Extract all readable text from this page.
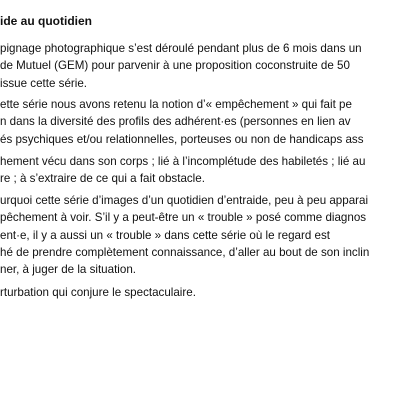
ide au quotidien

pignage photographique s’est déroulé pendant plus de 6 mois dans un
de Mutuel (GEM) pour parvenir à une proposition coconstruite de 50
issue cette série.

ette série nous avons retenu la notion d’« empêchement » qui fait pe
n dans la diversité des profils des adhérent·es (personnes en lien av
és psychiques et/ou relationnelles, porteuses ou non de handicaps ass

hement vécu dans son corps ; lié à l’incomplétude des habiletés ; lié au
re ; à s’extraire de ce qui a fait obstacle.

urquoi cette série d’images d’un quotidien d’entraide, peu à peu apparai
pêchement à voir. S’il y a peut-être un « trouble » posé comme diagnos
ent·e, il y a aussi un « trouble » dans cette série où le regard est
hé de prendre complètement connaissance, d’aller au bout de son inclin
ner, à juger de la situation.

rturbation qui conjure le spectaculaire.
